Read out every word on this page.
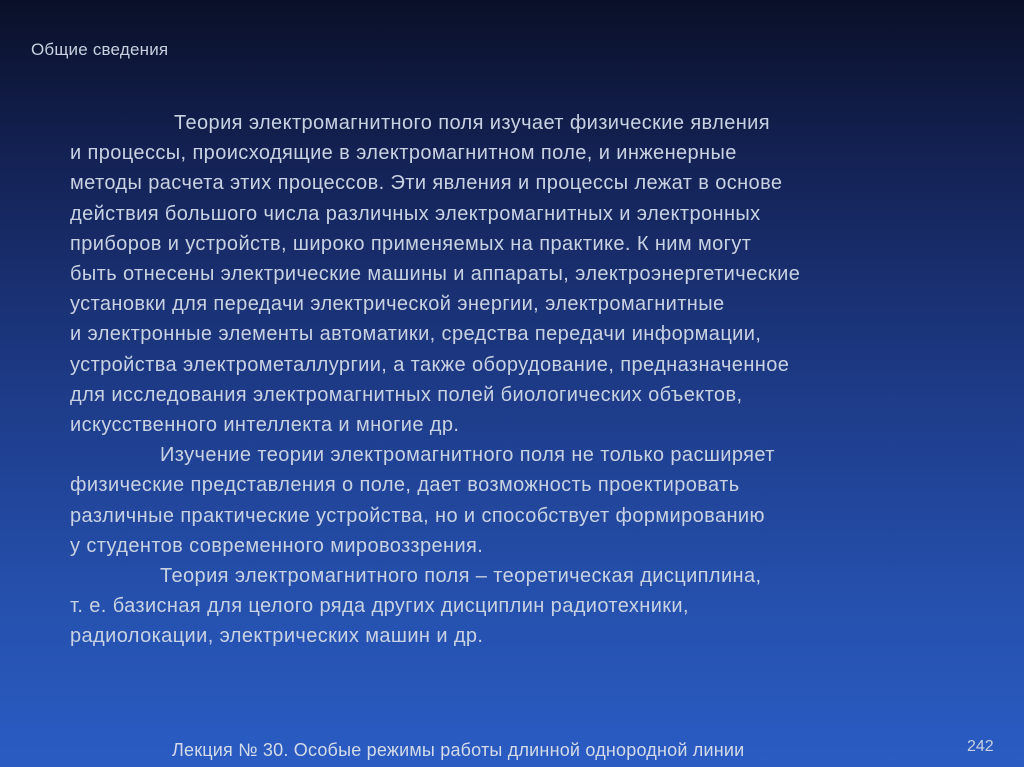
Общие сведения
Теория электромагнитного поля изучает физические явления
и процессы, происходящие в электромагнитном поле, и инженерные
методы расчета этих процессов. Эти явления и процессы лежат в основе
действия большого числа различных электромагнитных и электронных
приборов и устройств, широко применяемых на практике. К ним могут
быть отнесены электрические машины и аппараты, электроэнергетические
установки для передачи электрической энергии, электромагнитные
и электронные элементы автоматики, средства передачи информации,
устройства электрометаллургии, а также оборудование, предназначенное
для исследования электромагнитных полей биологических объектов,
искусственного интеллекта и многие др.
Изучение теории электромагнитного поля не только расширяет
физические представления о поле, дает возможность проектировать
различные практические устройства, но и способствует формированию
у студентов современного мировоззрения.
Теория электромагнитного поля – теоретическая дисциплина,
т. е. базисная для целого ряда других дисциплин радиотехники,
радиолокации, электрических машин и др.
Лекция № 30. Особые режимы работы длинной однородной линии	242
